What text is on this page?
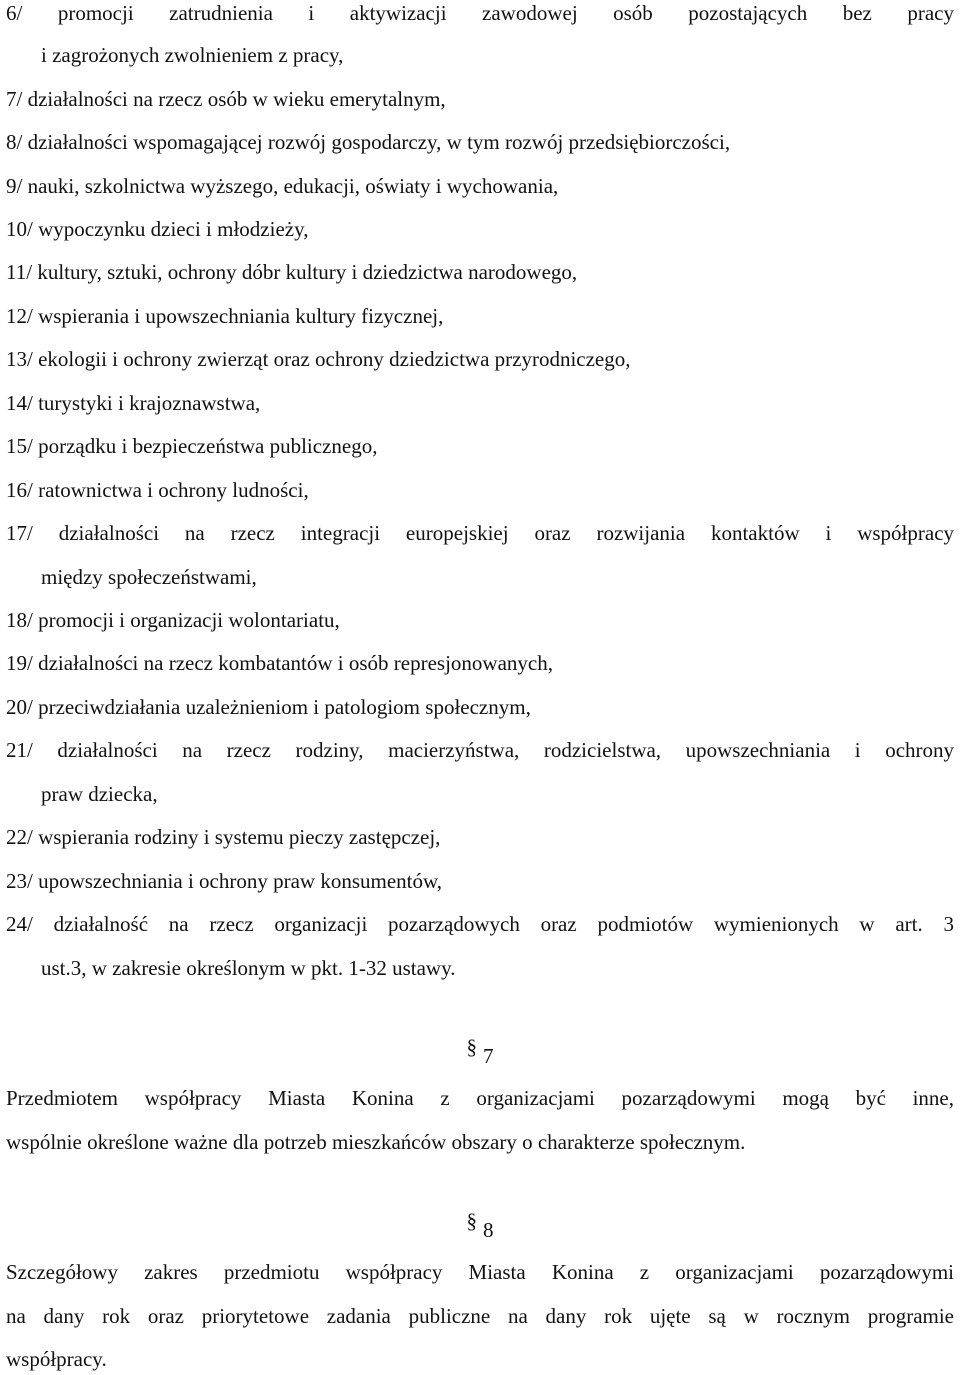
6/ promocji zatrudnienia i aktywizacji zawodowej osób pozostających bez pracy
i zagrożonych zwolnieniem z pracy,
7/ działalności na rzecz osób w wieku emerytalnym,
8/ działalności wspomagającej rozwój gospodarczy, w tym rozwój przedsiębiorczości,
9/ nauki, szkolnictwa wyższego, edukacji, oświaty i wychowania,
10/ wypoczynku dzieci i młodzieży,
11/ kultury, sztuki, ochrony dóbr kultury i dziedzictwa narodowego,
12/ wspierania i upowszechniania kultury fizycznej,
13/ ekologii i ochrony zwierząt oraz ochrony dziedzictwa przyrodniczego,
14/ turystyki i krajoznawstwa,
15/ porządku i bezpieczeństwa publicznego,
16/ ratownictwa i ochrony ludności,
17/ działalności na rzecz integracji europejskiej oraz rozwijania kontaktów i współpracy
między społeczeństwami,
18/ promocji i organizacji wolontariatu,
19/ działalności na rzecz kombatantów i osób represjonowanych,
20/ przeciwdziałania uzależnieniom i patologiom społecznym,
21/ działalności na rzecz rodziny, macierzyństwa, rodzicielstwa, upowszechniania i ochrony
praw dziecka,
22/ wspierania rodziny i systemu pieczy zastępczej,
23/ upowszechniania i ochrony praw konsumentów,
24/ działalność na rzecz organizacji pozarządowych oraz podmiotów wymienionych w art. 3
ust.3, w zakresie określonym w pkt. 1-32 ustawy.
§ 7
Przedmiotem współpracy Miasta Konina z organizacjami pozarządowymi mogą być inne,
wspólnie określone ważne dla potrzeb mieszkańców obszary o charakterze społecznym.
§ 8
Szczegółowy zakres przedmiotu współpracy Miasta Konina z organizacjami pozarządowymi
na dany rok oraz priorytetowe zadania publiczne na dany rok ujęte są w rocznym programie
współpracy.
